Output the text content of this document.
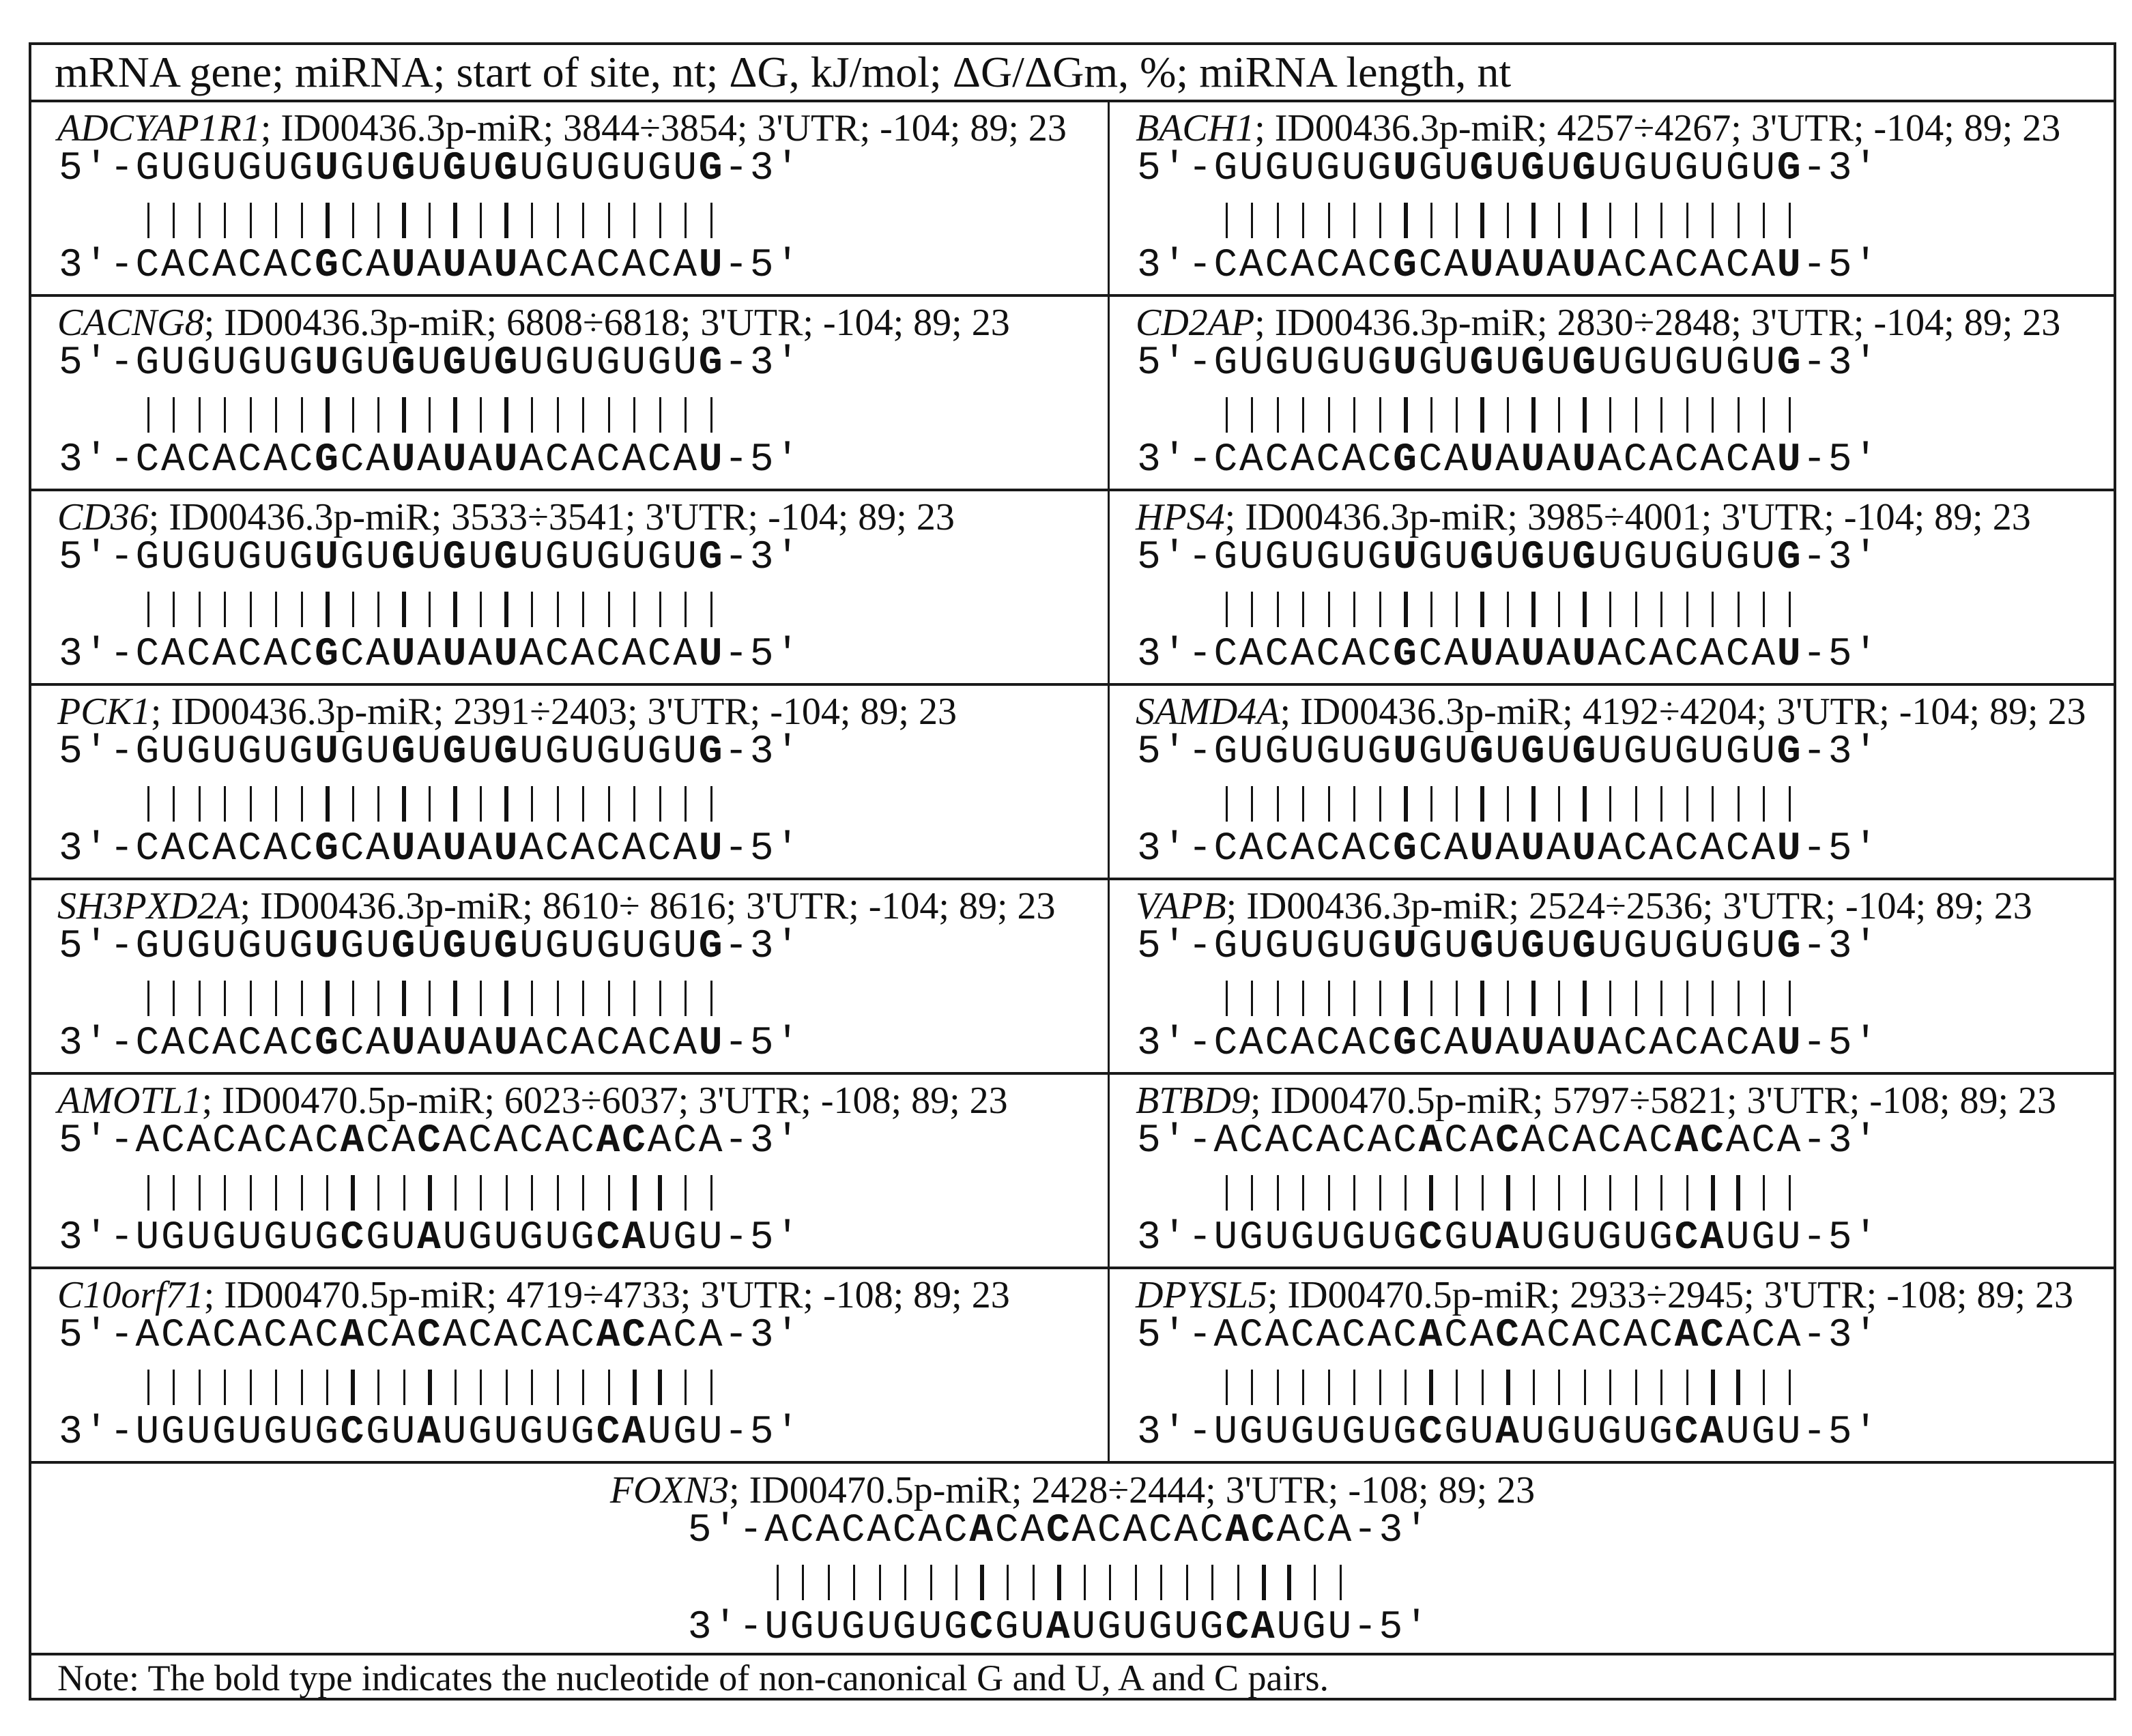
mRNA gene; miRNA; start of site, nt; ΔG, kJ/mol; ΔG/ΔGm, %; miRNA length, nt
ADCYAP1R1; ID00436.3p-miR; 3844÷3854; 3'UTR; -104; 89; 23
5'-GUGUGUGUGUGUGUGUGUGUGUG-3'
3'-CACACACGCAUAUAUACACACAU-5'
BACH1; ID00436.3p-miR; 4257÷4267; 3'UTR; -104; 89; 23
5'-GUGUGUGUGUGUGUGUGUGUGUG-3'
3'-CACACACGCAUAUAUACACACAU-5'
CACNG8; ID00436.3p-miR; 6808÷6818; 3'UTR; -104; 89; 23
5'-GUGUGUGUGUGUGUGUGUGUGUG-3'
3'-CACACACGCAUAUAUACACACAU-5'
CD2AP; ID00436.3p-miR; 2830÷2848; 3'UTR; -104; 89; 23
5'-GUGUGUGUGUGUGUGUGUGUGUG-3'
3'-CACACACGCAUAUAUACACACAU-5'
CD36; ID00436.3p-miR; 3533÷3541; 3'UTR; -104; 89; 23
5'-GUGUGUGUGUGUGUGUGUGUGUG-3'
3'-CACACACGCAUAUAUACACACAU-5'
HPS4; ID00436.3p-miR; 3985÷4001; 3'UTR; -104; 89; 23
5'-GUGUGUGUGUGUGUGUGUGUGUG-3'
3'-CACACACGCAUAUAUACACACAU-5'
PCK1; ID00436.3p-miR; 2391÷2403; 3'UTR; -104; 89; 23
5'-GUGUGUGUGUGUGUGUGUGUGUG-3'
3'-CACACACGCAUAUAUACACACAU-5'
SAMD4A; ID00436.3p-miR; 4192÷4204; 3'UTR; -104; 89; 23
5'-GUGUGUGUGUGUGUGUGUGUGUG-3'
3'-CACACACGCAUAUAUACACACAU-5'
SH3PXD2A; ID00436.3p-miR; 8610÷ 8616; 3'UTR; -104; 89; 23
5'-GUGUGUGUGUGUGUGUGUGUGUG-3'
3'-CACACACGCAUAUAUACACACAU-5'
VAPB; ID00436.3p-miR; 2524÷2536; 3'UTR; -104; 89; 23
5'-GUGUGUGUGUGUGUGUGUGUGUG-3'
3'-CACACACGCAUAUAUACACACAU-5'
AMOTL1; ID00470.5p-miR; 6023÷6037; 3'UTR; -108; 89; 23
5'-ACACACACACACACACACACACA-3'
3'-UGUGUGUGCGUAUGUGUGCAUGU-5'
BTBD9; ID00470.5p-miR; 5797÷5821; 3'UTR; -108; 89; 23
5'-ACACACACACACACACACACACA-3'
3'-UGUGUGUGCGUAUGUGUGCAUGU-5'
C10orf71; ID00470.5p-miR; 4719÷4733; 3'UTR; -108; 89; 23
5'-ACACACACACACACACACACACA-3'
3'-UGUGUGUGCGUAUGUGUGCAUGU-5'
DPYSL5; ID00470.5p-miR; 2933÷2945; 3'UTR; -108; 89; 23
5'-ACACACACACACACACACACACA-3'
3'-UGUGUGUGCGUAUGUGUGCAUGU-5'
FOXN3; ID00470.5p-miR; 2428÷2444; 3'UTR; -108; 89; 23
5'-ACACACACACACACACACACACA-3'
3'-UGUGUGUGCGUAUGUGUGCAUGU-5'
Note: The bold type indicates the nucleotide of non-canonical G and U, A and C pairs.
